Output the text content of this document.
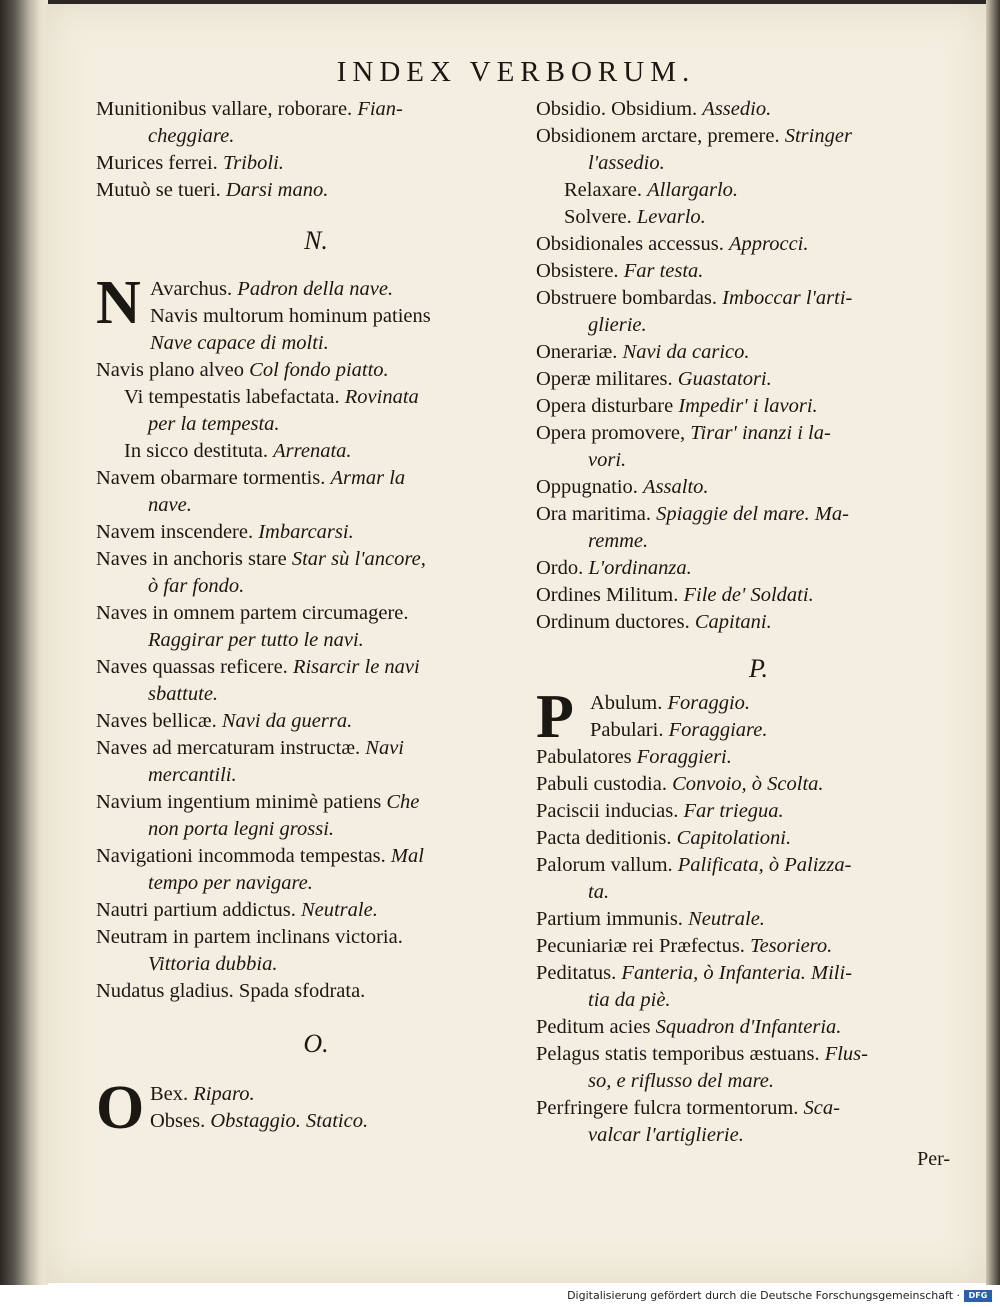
INDEX VERBORUM.
Munitionibus vallare, roborare. Fian-
cheggiare.
Murices ferrei. Triboli.
Mutuò se tueri. Darsi mano.
N.
N Avarchus. Padron della nave.
Navis multorum hominum patiens
Nave capace di molti.
Navis plano alveo Col fondo piatto.
Vi tempestatis labefactata. Rovinata
per la tempesta.
In sicco destituta. Arrenata.
Navem obarmare tormentis. Armar la
nave.
Navem inscendere. Imbarcarsi.
Naves in anchoris stare Star sù l'ancore,
ò far fondo.
Naves in omnem partem circumagere.
Raggirar per tutto le navi.
Naves quassas reficere. Risarcir le navi
sbattute.
Naves bellicæ. Navi da guerra.
Naves ad mercaturam instructæ. Navi
mercantili.
Navium ingentium minimè patiens Che
non porta legni grossi.
Navigationi incommoda tempestas. Mal
tempo per navigare.
Nautri partium addictus. Neutrale.
Neutram in partem inclinans victoria.
Vittoria dubbia.
Nudatus gladius. Spada sfodrata.
O.
O Bex. Riparo.
Obses. Obstaggio. Statico.
Obsidio. Obsidium. Assedio.
Obsidionem arctare, premere. Stringer
l'assedio.
Relaxare. Allargarlo.
Solvere. Levarlo.
Obsidionales accessus. Approcci.
Obsistere. Far testa.
Obstruere bombardas. Imboccar l'arti-
glierie.
Onerariæ. Navi da carico.
Operæ militares. Guastatori.
Opera disturbare Impedir' i lavori.
Opera promovere, Tirar' inanzi i la-
vori.
Oppugnatio. Assalto.
Ora maritima. Spiaggie del mare. Ma-
remme.
Ordo. L'ordinanza.
Ordines Militum. File de' Soldati.
Ordinum ductores. Capitani.
P.
P Abulum. Foraggio.
Pabulari. Foraggiare.
Pabulatores Foraggieri.
Pabuli custodia. Convoio, ò Scolta.
Paciscii inducias. Far triegua.
Pacta deditionis. Capitolationi.
Palorum vallum. Palificata, ò Palizza-
ta.
Partium immunis. Neutrale.
Pecuniariæ rei Præfectus. Tesoriero.
Peditatus. Fanteria, ò Infanteria. Mili-
tia da piè.
Peditum acies Squadron d'Infanteria.
Pelagus statis temporibus æstuans. Flus-
so, e riflusso del mare.
Perfringere fulcra tormentorum. Sca-
valcar l'artiglierie.
Per-
Digitalisierung gefördert durch die Deutsche Forschungsgemeinschaft ·	DFG
